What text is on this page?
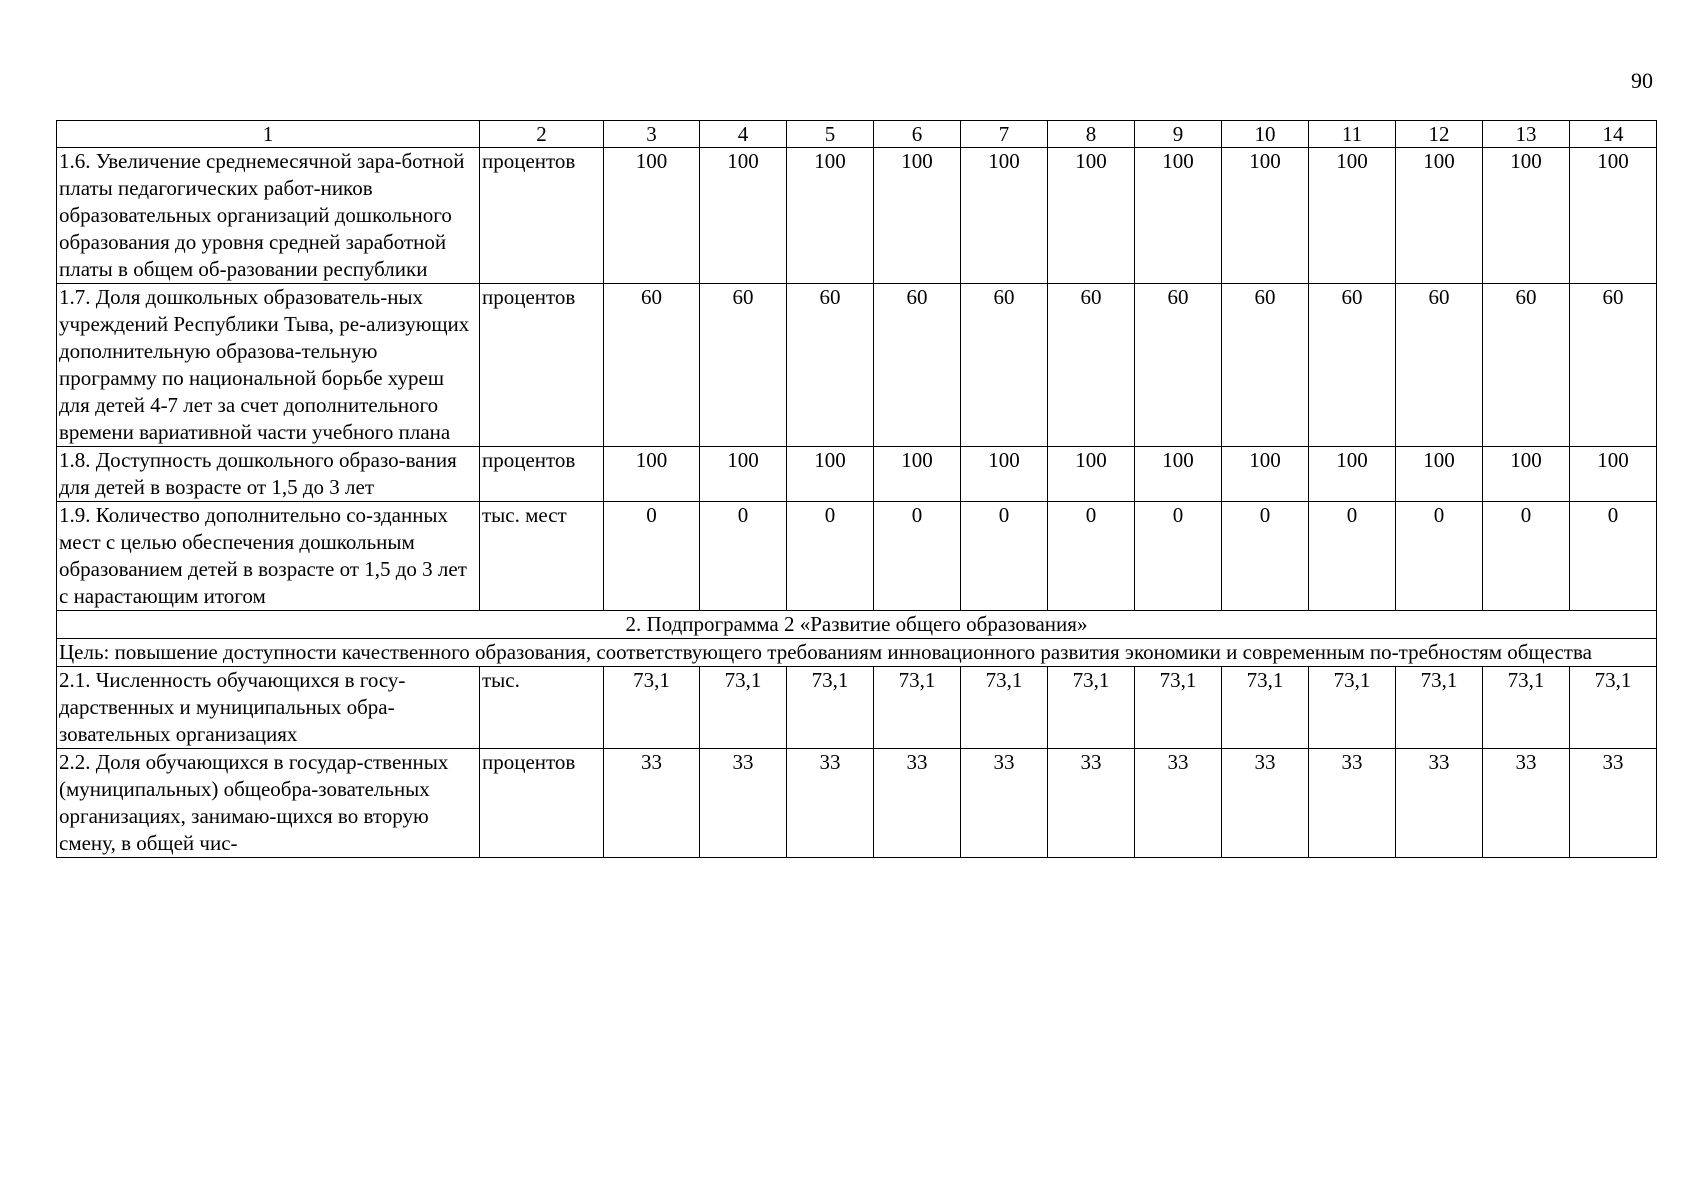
90
1	2	3	4	5	6	7	8	9	10	11	12	13	14
1.6. Увеличение среднемесячной зара-ботной платы педагогических работ-ников образовательных организаций дошкольного образования до уровня средней заработной платы в общем об-разовании республики	процентов	100	100	100	100	100	100	100	100	100	100	100	100
1.7. Доля дошкольных образователь-ных учреждений Республики Тыва, ре-ализующих дополнительную образова-тельную программу по национальной борьбе хуреш для детей 4-7 лет за счет дополнительного времени вариативной части учебного плана	процентов	60	60	60	60	60	60	60	60	60	60	60	60
1.8. Доступность дошкольного образо-вания для детей в возрасте от 1,5 до 3 лет	процентов	100	100	100	100	100	100	100	100	100	100	100	100
1.9. Количество дополнительно со-зданных мест с целью обеспечения дошкольным образованием детей в возрасте от 1,5 до 3 лет с нарастающим итогом	тыс. мест	0	0	0	0	0	0	0	0	0	0	0	0
2. Подпрограмма 2 «Развитие общего образования»													
Цель: повышение доступности качественного образования, соответствующего требованиям инновационного развития экономики и современным по-требностям общества													
2.1. Численность обучающихся в госу-дарственных и муниципальных обра-зовательных организациях	тыс.	73,1	73,1	73,1	73,1	73,1	73,1	73,1	73,1	73,1	73,1	73,1	73,1
2.2. Доля обучающихся в государ-ственных (муниципальных) общеобра-зовательных организациях, занимаю-щихся во вторую смену, в общей чис-	процентов	33	33	33	33	33	33	33	33	33	33	33	33
